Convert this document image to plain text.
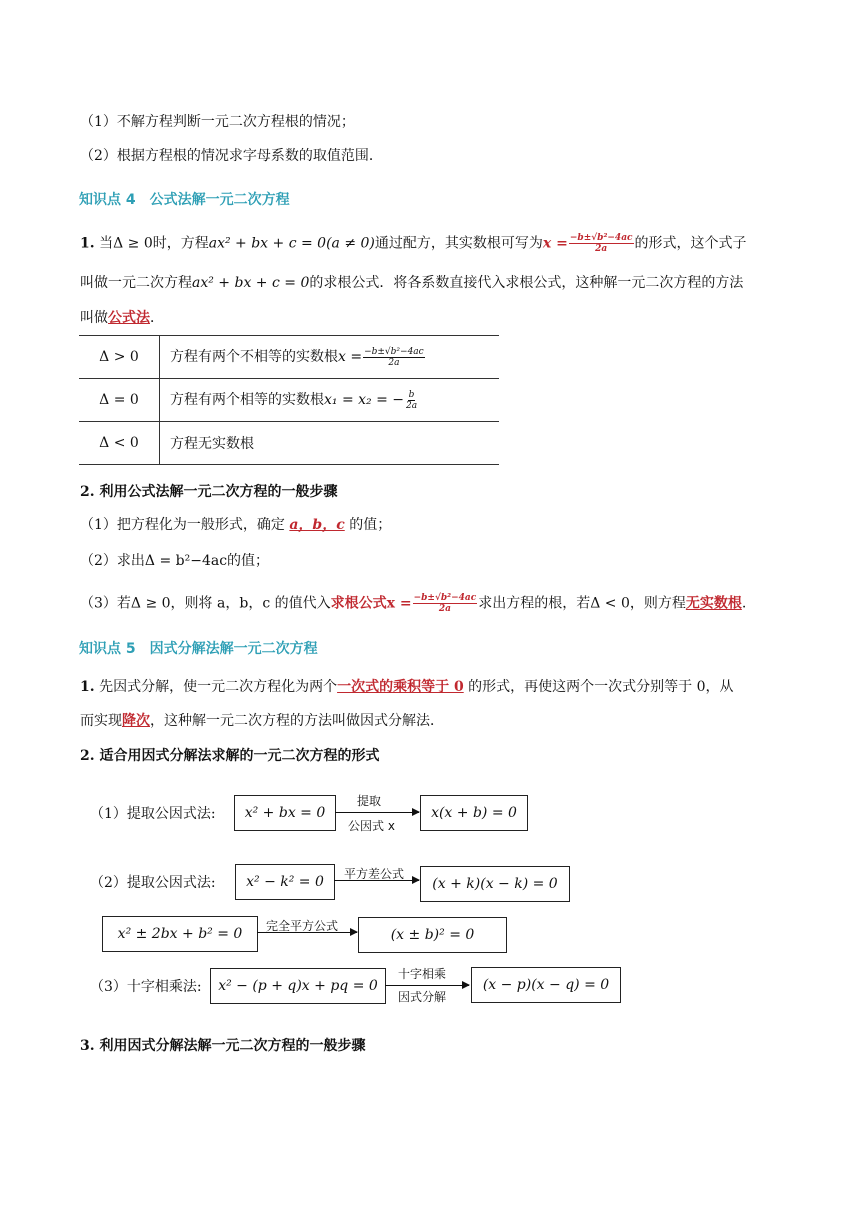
（1）不解方程判断一元二次方程根的情况；
（2）根据方程根的情况求字母系数的取值范围．
知识点 4　公式法解一元二次方程
1. 当Δ ≥ 0时，方程ax² + bx + c = 0(a ≠ 0)通过配方，其实数根可写为$x = \frac{\text{−b±√b²−4ac}}{2a}$ 的形式，这个式子
叫做一元二次方程ax² + bx + c = 0的求根公式．将各系数直接代入求根公式，这种解一元二次方程的方法
叫做公式法．
Δ > 0	方程有两个不相等的实数根$x = \frac{\text{−b±√b²−4ac}}{2a}$

Δ = 0	方程有两个相等的实数根x₁ = x₂ = − $\frac{b}{2a}$

Δ < 0	方程无实数根
2. 利用公式法解一元二次方程的一般步骤
（1）把方程化为一般形式，确定 a，b，c 的值；
（2）求出Δ = b²−4ac的值；
（3）若Δ ≥ 0，则将 a，b，c 的值代入求根公式$x = \frac{\text{−b±√b²−4ac}}{2a}$ 求出方程的根，若Δ < 0，则方程无实数根.
知识点 5　因式分解法解一元二次方程
1. 先因式分解，使一元二次方程化为两个一次式的乘积等于 0 的形式，再使这两个一次式分别等于 0，从
而实现降次，这种解一元二次方程的方法叫做因式分解法．
2. 适合用因式分解法求解的一元二次方程的形式
（1）提取公因式法:	x² + bx = 0
提取
公因式 x
x(x + b) = 0
（2）提取公因式法:	x² − k² = 0	平方差公式
(x + k)(x − k) = 0
x² ± 2bx + b² = 0	完全平方公式
(x ± b)² = 0
（3）十字相乘法:	x² − (p + q)x + pq = 0
十字相乘
因式分解
(x − p)(x − q) = 0
3. 利用因式分解法解一元二次方程的一般步骤
